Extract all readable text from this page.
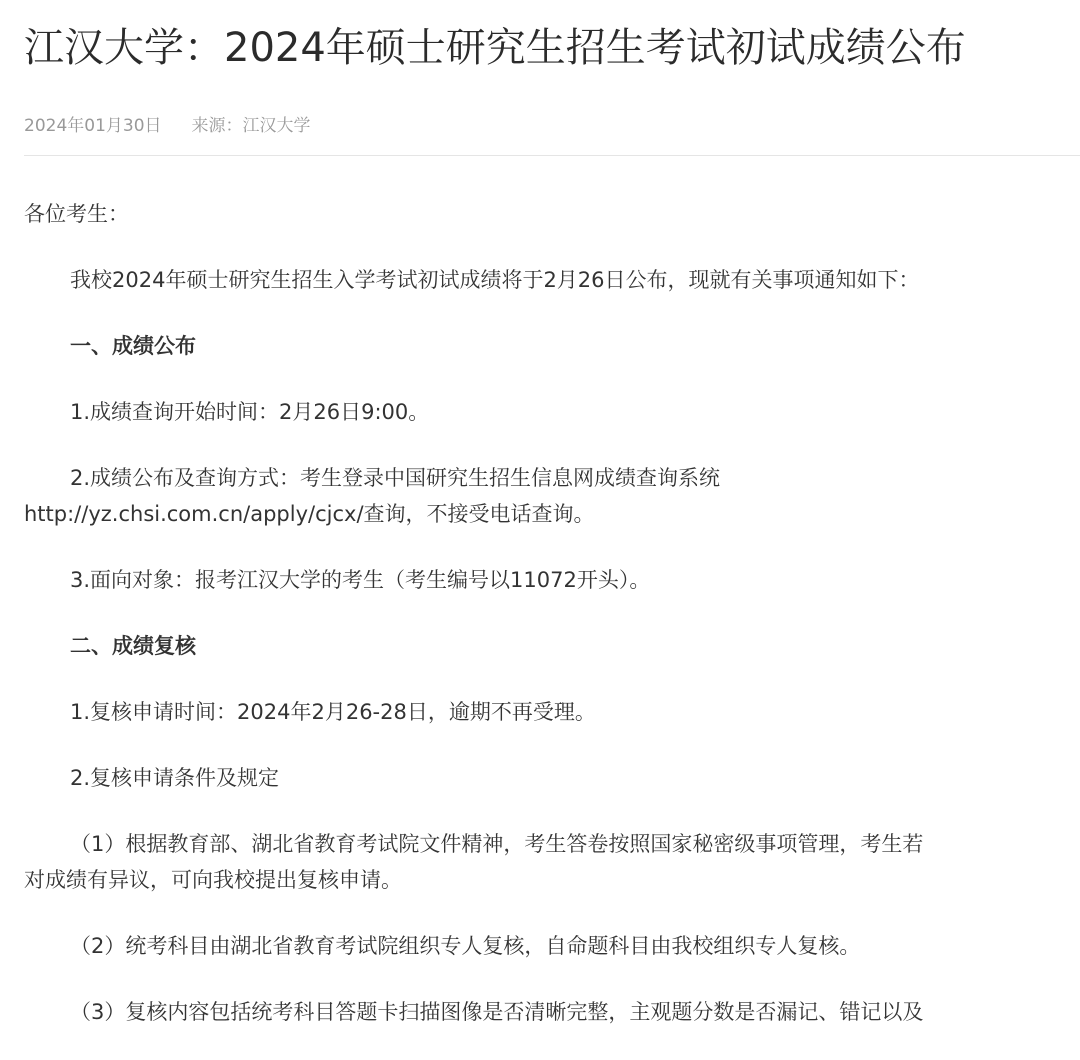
江汉大学：2024年硕士研究生招生考试初试成绩公布
2024年01月30日 来源：江汉大学

各位考生：

我校2024年硕士研究生招生入学考试初试成绩将于2月26日公布，现就有关事项通知如下：

一、成绩公布

1.成绩查询开始时间：2月26日9:00。

2.成绩公布及查询方式：考生登录中国研究生招生信息网成绩查询系统

http://yz.chsi.com.cn/apply/cjcx/查询，不接受电话查询。

3.面向对象：报考江汉大学的考生（考生编号以11072开头）。

二、成绩复核

1.复核申请时间：2024年2月26-28日，逾期不再受理。

2.复核申请条件及规定

（1）根据教育部、湖北省教育考试院文件精神，考生答卷按照国家秘密级事项管理，考生若

对成绩有异议，可向我校提出复核申请。

（2）统考科目由湖北省教育考试院组织专人复核，自命题科目由我校组织专人复核。

（3）复核内容包括统考科目答题卡扫描图像是否清晰完整，主观题分数是否漏记、错记以及
